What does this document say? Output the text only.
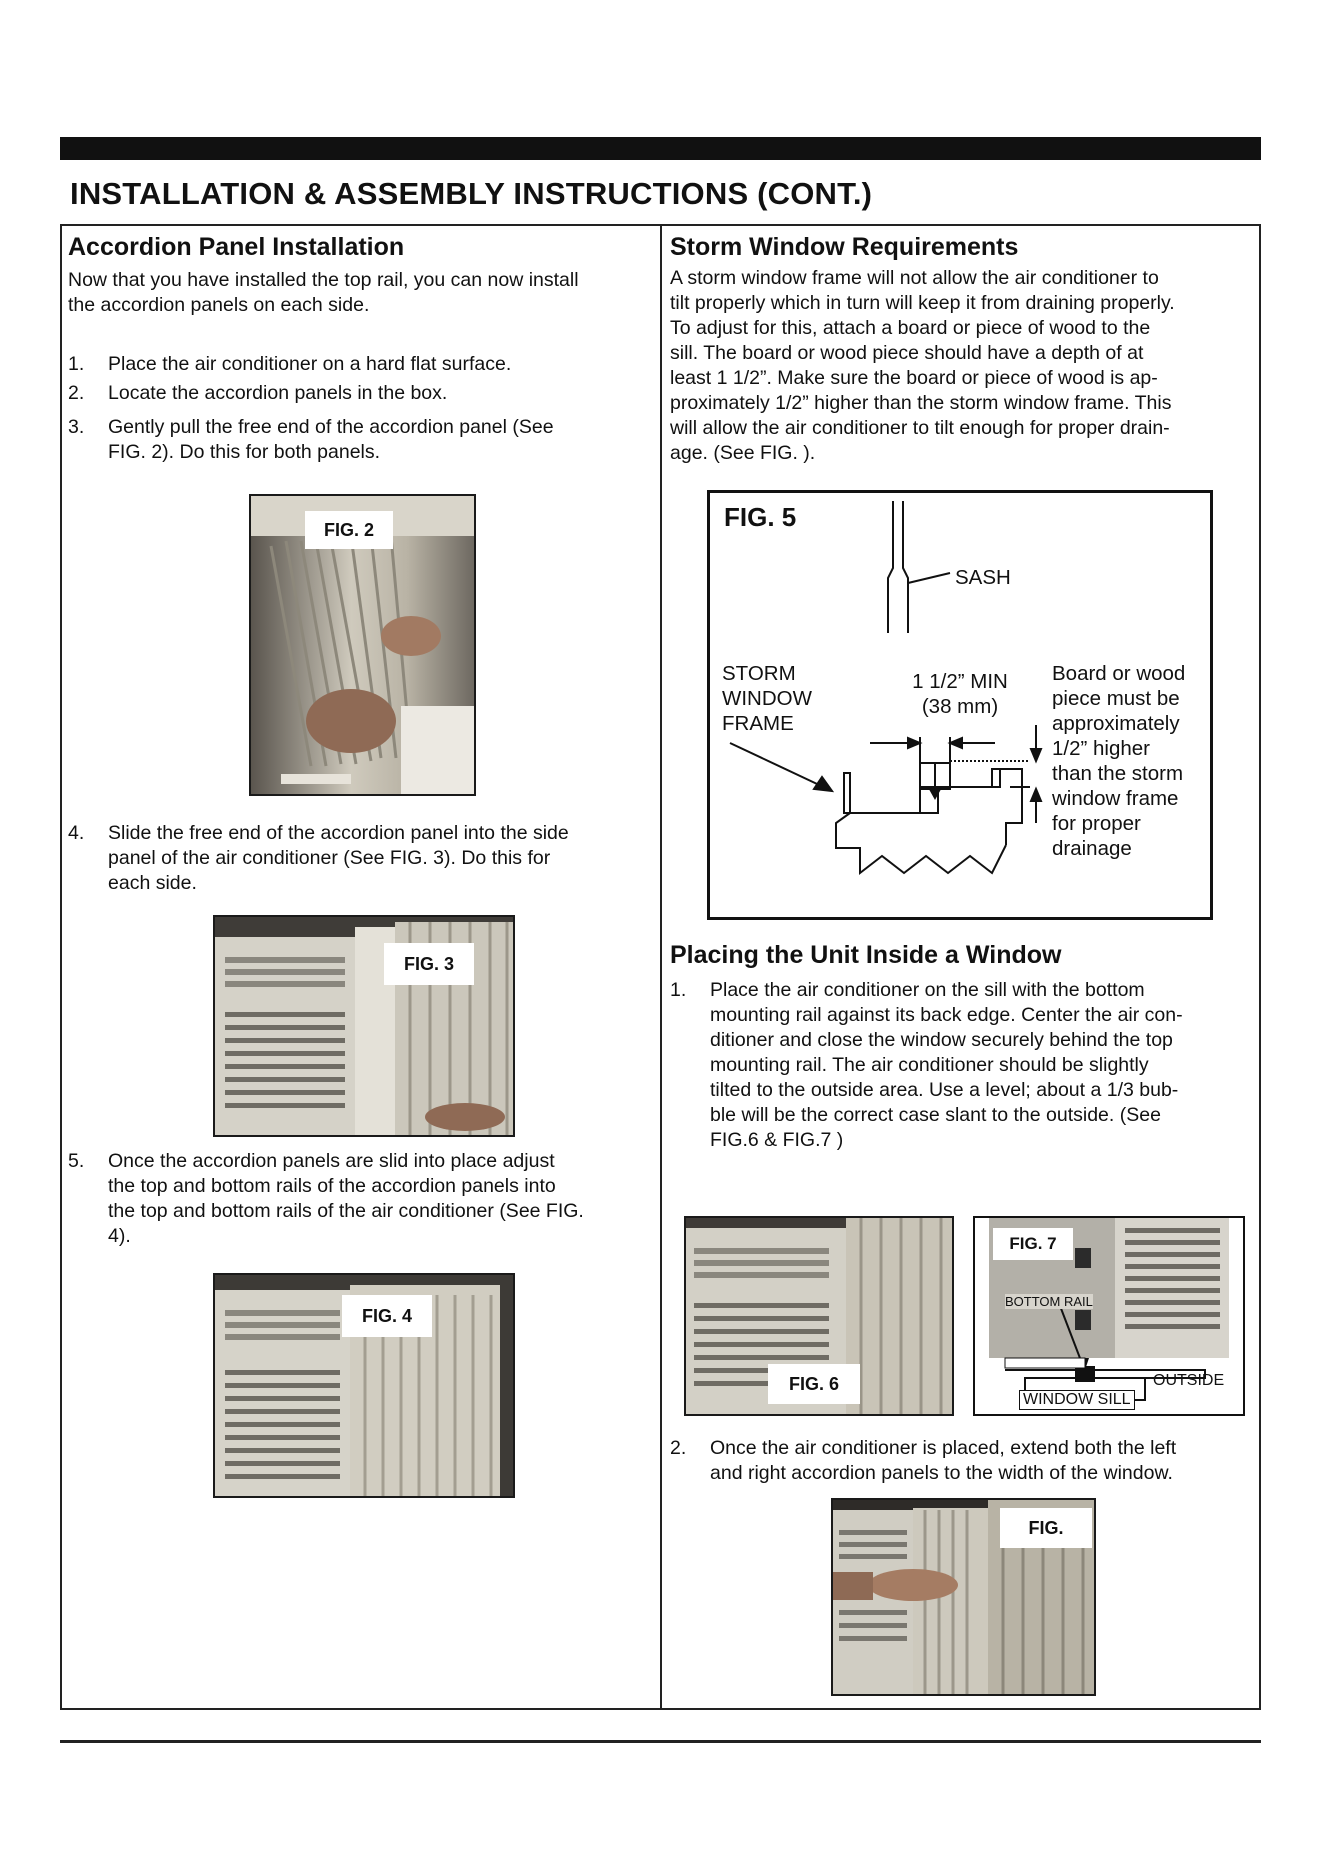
INSTALLATION & ASSEMBLY INSTRUCTIONS (CONT.)
Accordion Panel Installation

Now that you have installed the top rail, you can now install
the accordion panels on each side.

1. Place the air conditioner on a hard flat surface.
2. Locate the accordion panels in the box.
3. Gently pull the free end of the accordion panel (See
FIG. 2). Do this for both panels.
FIG. 2
4. Slide the free end of the accordion panel into the side
panel of the air conditioner (See FIG. 3). Do this for
each side.
FIG. 3
5. Once the accordion panels are slid into place adjust
the top and bottom rails of the accordion panels into
the top and bottom rails of the air conditioner (See FIG.
4).
FIG. 4
Storm Window Requirements

A storm window frame will not allow the air conditioner to
tilt properly which in turn will keep it from draining properly.
To adjust for this, attach a board or piece of wood to the
sill. The board or wood piece should have a depth of at
least 1 1/2”. Make sure the board or piece of wood is ap-
proximately 1/2” higher than the storm window frame. This
will allow the air conditioner to tilt enough for proper drain-
age. (See FIG. ).

FIG. 5
SASH
STORM
WINDOW
FRAME
1 1/2” MIN
(38 mm)
Board or wood
piece must be
approximately
1/2” higher
than the storm
window frame
for proper
drainage
Placing the Unit Inside a Window
1. Place the air conditioner on the sill with the bottom
mounting rail against its back edge. Center the air con-
ditioner and close the window securely behind the top
mounting rail. The air conditioner should be slightly
tilted to the outside area. Use a level; about a 1/3 bub-
ble will be the correct case slant to the outside. (See
FIG.6 & FIG.7 )
FIG. 6
FIG. 7
BOTTOM RAIL
OUTSIDE
WINDOW SILL
2. Once the air conditioner is placed, extend both the left
and right accordion panels to the width of the window.
FIG.
